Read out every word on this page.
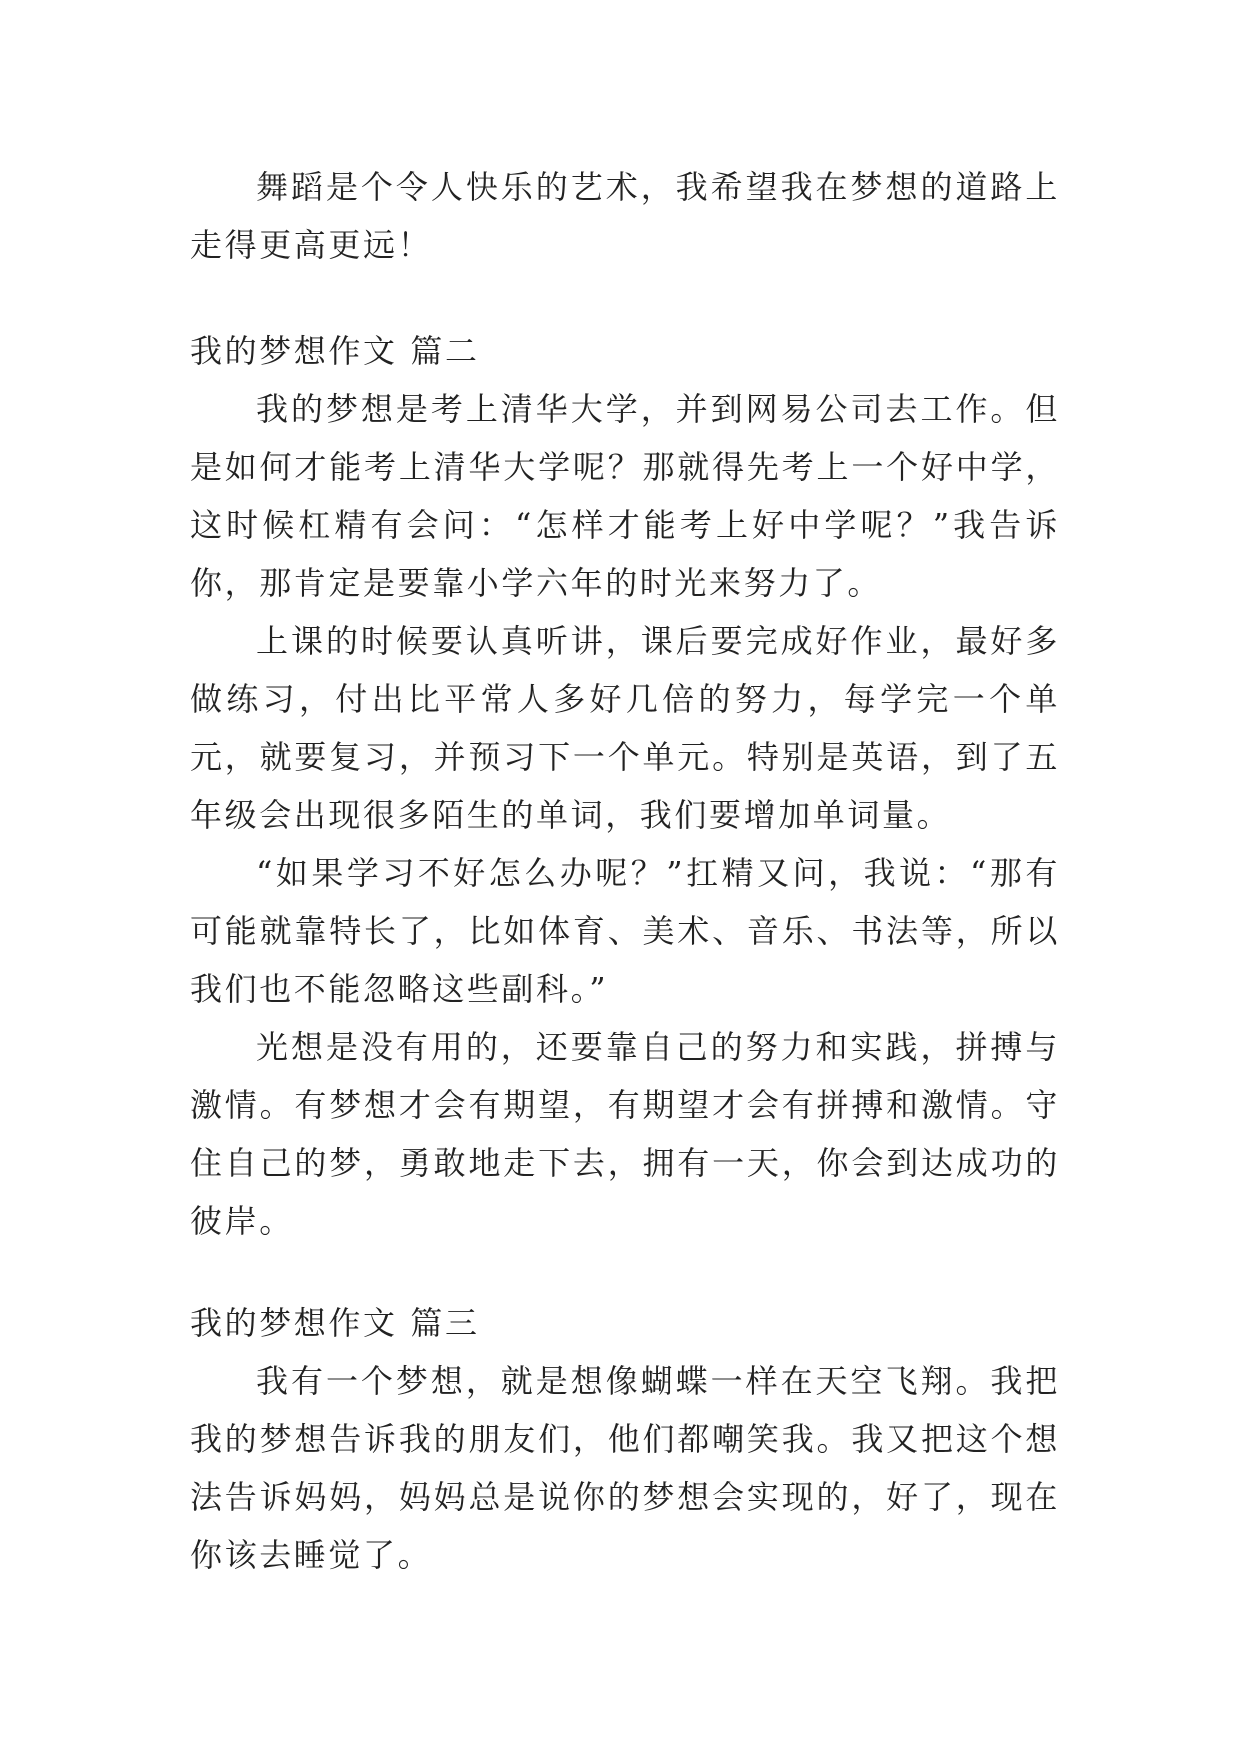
舞蹈是个令人快乐的艺术，我希望我在梦想的道路上走得更高更远！

我的梦想作文 篇二

我的梦想是考上清华大学，并到网易公司去工作。但是如何才能考上清华大学呢？那就得先考上一个好中学，这时候杠精有会问：“怎样才能考上好中学呢？”我告诉你，那肯定是要靠小学六年的时光来努力了。

上课的时候要认真听讲，课后要完成好作业，最好多做练习，付出比平常人多好几倍的努力，每学完一个单元，就要复习，并预习下一个单元。特别是英语，到了五年级会出现很多陌生的单词，我们要增加单词量。

“如果学习不好怎么办呢？”扛精又问，我说：“那有可能就靠特长了，比如体育、美术、音乐、书法等，所以我们也不能忽略这些副科。”

光想是没有用的，还要靠自己的努力和实践，拼搏与激情。有梦想才会有期望，有期望才会有拼搏和激情。守住自己的梦，勇敢地走下去，拥有一天，你会到达成功的彼岸。

我的梦想作文 篇三

我有一个梦想，就是想像蝴蝶一样在天空飞翔。我把我的梦想告诉我的朋友们，他们都嘲笑我。我又把这个想法告诉妈妈，妈妈总是说你的梦想会实现的，好了，现在你该去睡觉了。
